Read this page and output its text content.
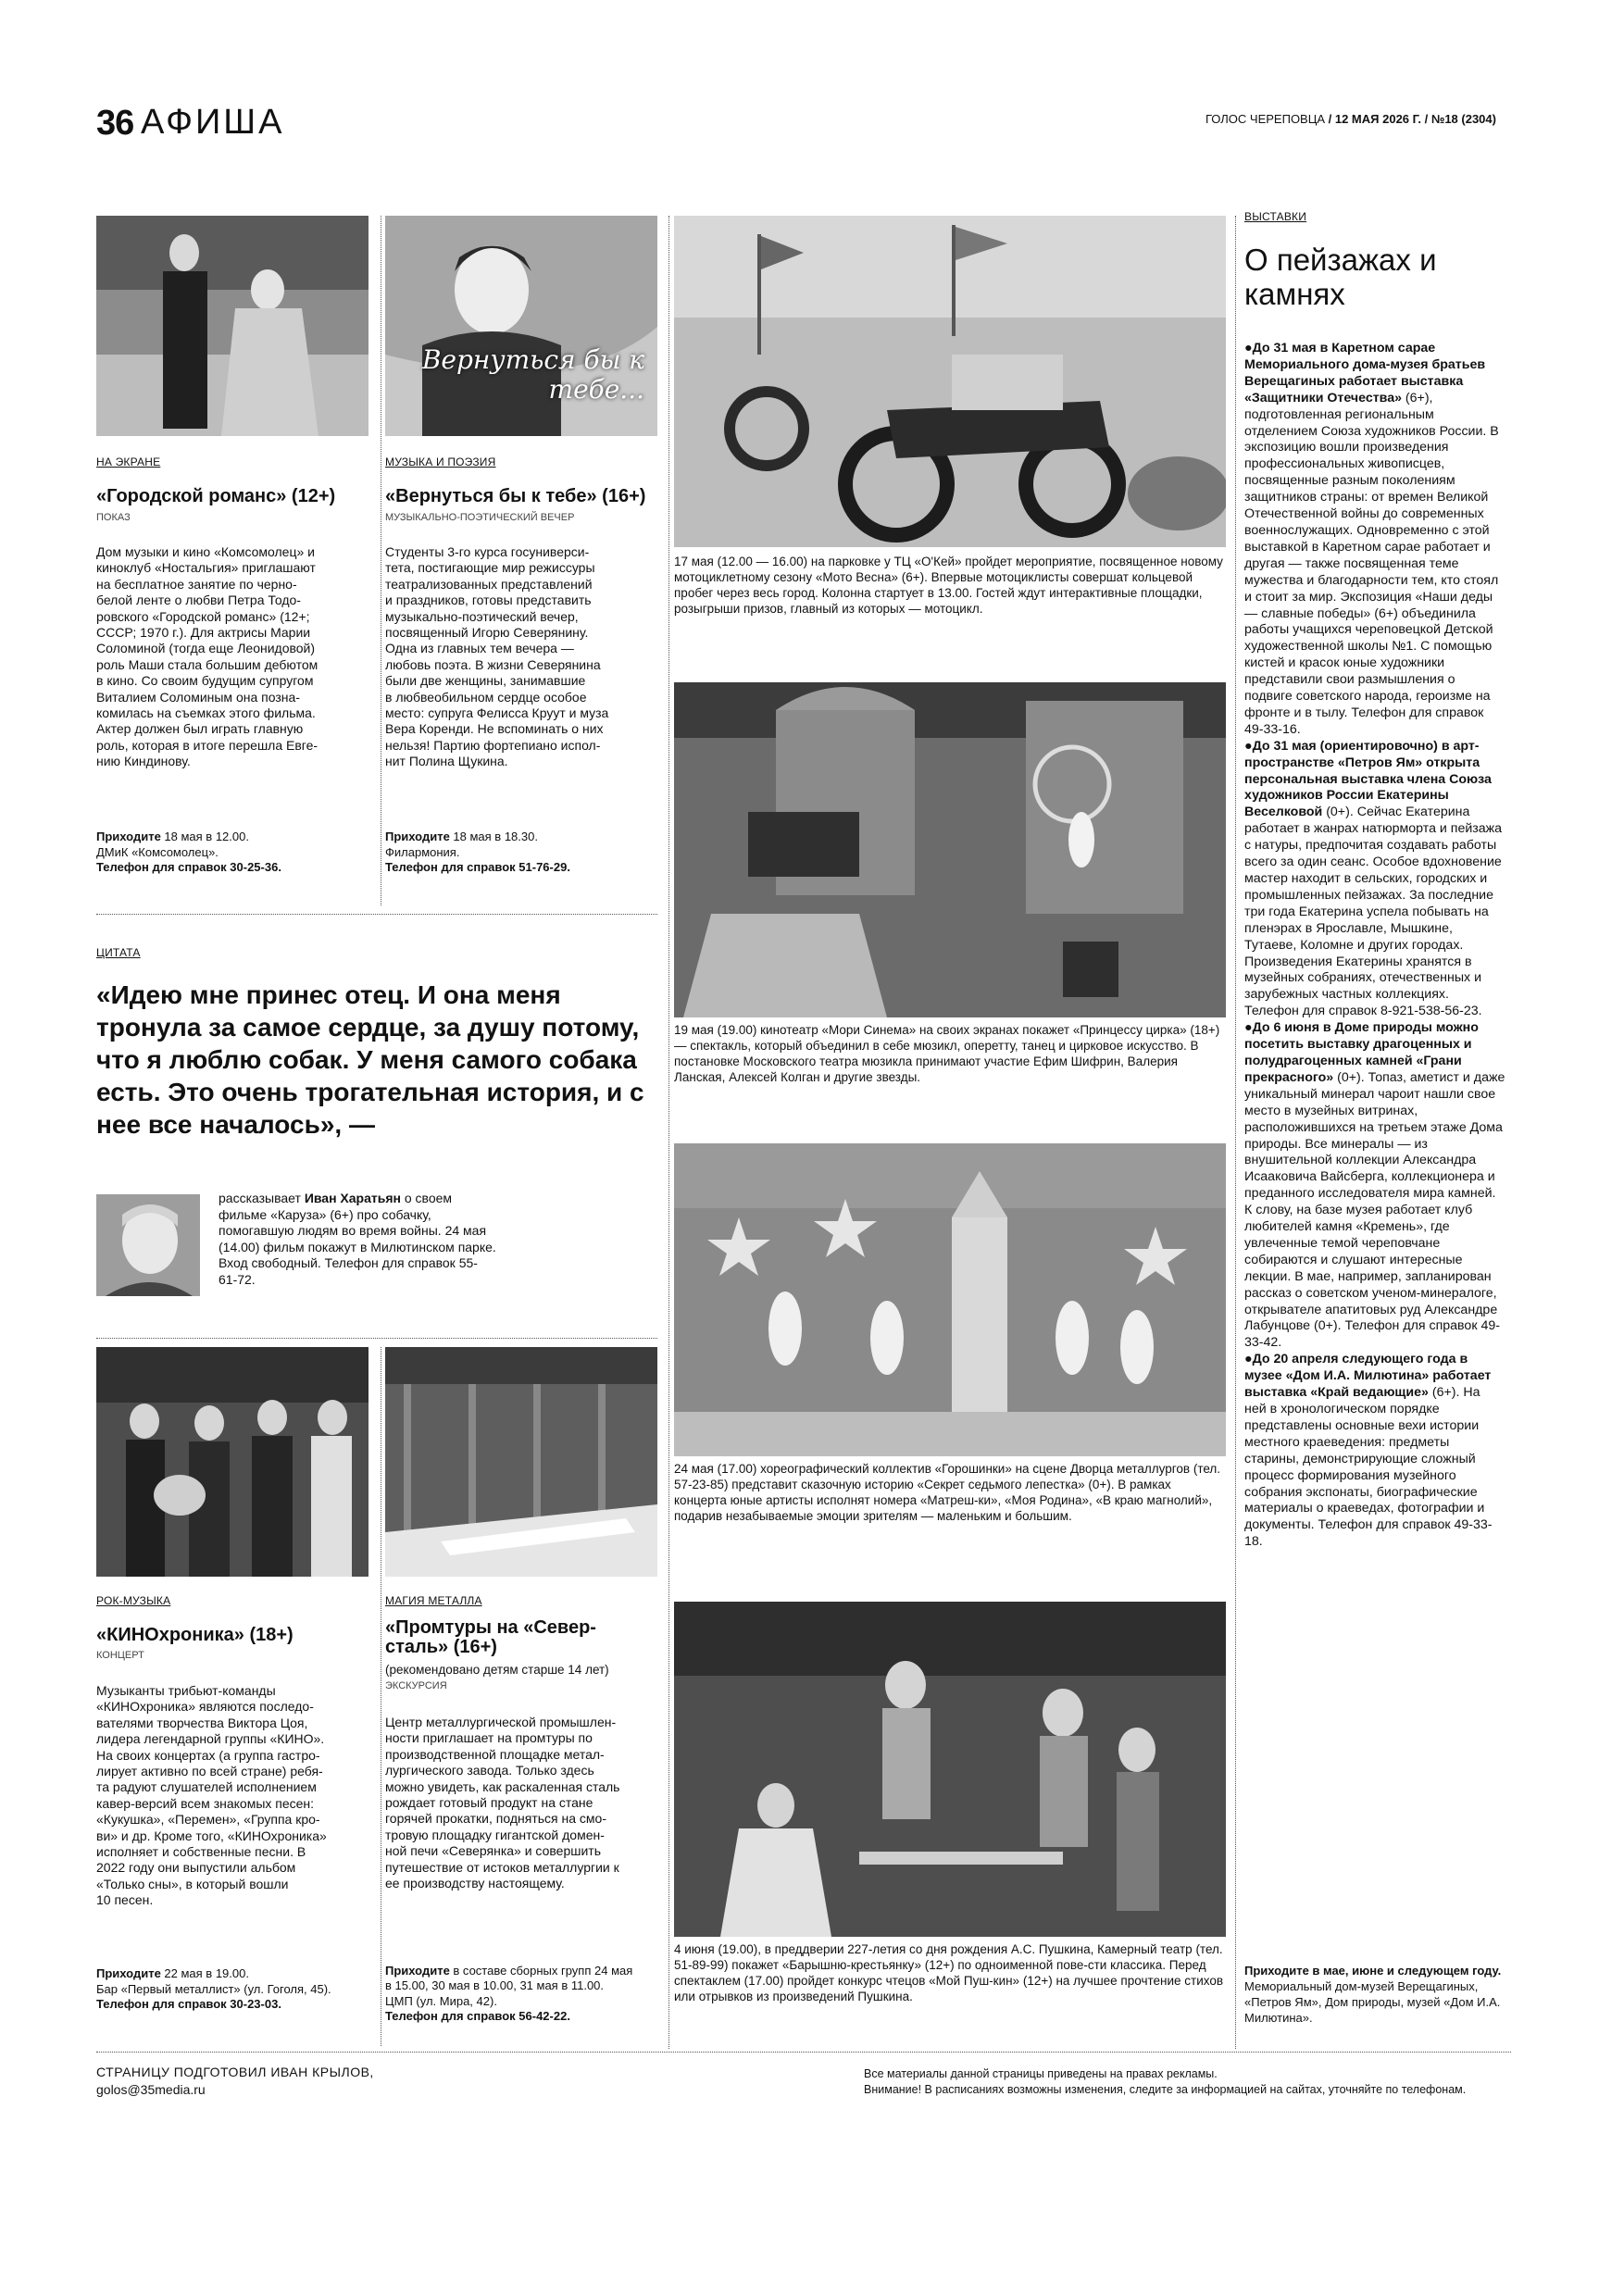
36 АФИША	ГОЛОС ЧЕРЕПОВЦА / 12 МАЯ 2026 Г. / №18 (2304)
НА ЭКРАНЕ
«Городской романс» (12+)
ПОКАЗ
Дом музыки и кино «Комсомолец» и
киноклуб «Ностальгия» приглашают
на бесплатное занятие по черно-
белой ленте о любви Петра Тодо-
ровского «Городской романс» (12+;
СССР; 1970 г.). Для актрисы Марии
Соломиной (тогда еще Леонидовой)
роль Маши стала большим дебютом
в кино. Со своим будущим супругом
Виталием Соломиным она позна-
комилась на съемках этого фильма.
Актер должен был играть главную
роль, которая в итоге перешла Евге-
нию Киндинову.
Приходите 18 мая в 12.00.
ДМиК «Комсомолец».
Телефон для справок 30-25-36.
Вернуться бы к тебе...
МУЗЫКА И ПОЭЗИЯ
«Вернуться бы к тебе» (16+)
МУЗЫКАЛЬНО-ПОЭТИЧЕСКИЙ ВЕЧЕР
Студенты 3-го курса госуниверси-
тета, постигающие мир режиссуры
театрализованных представлений
и праздников, готовы представить
музыкально-поэтический вечер,
посвященный Игорю Северянину.
Одна из главных тем вечера —
любовь поэта. В жизни Северянина
были две женщины, занимавшие
в любвеобильном сердце особое
место: супруга Фелисса Круут и муза
Вера Коренди. Не вспоминать о них
нельзя! Партию фортепиано испол-
нит Полина Щукина.
Приходите 18 мая в 18.30.
Филармония.
Телефон для справок 51-76-29.
ЦИТАТА
«Идею мне принес отец. И она меня тронула за самое сердце, за душу потому, что я люблю собак. У меня самого собака есть. Это очень трогательная история, и с нее все началось», —
рассказывает Иван Харатьян о своем фильме «Каруза» (6+) про собачку, помогавшую людям во время войны. 24 мая (14.00) фильм покажут в Милютинском парке. Вход свободный. Телефон для справок 55-61-72.
РОК-МУЗЫКА
«КИНОхроника» (18+)
КОНЦЕРТ
Музыканты трибьют-команды
«КИНОхроника» являются последо-
вателями творчества Виктора Цоя,
лидера легендарной группы «КИНО».
На своих концертах (а группа гастро-
лирует активно по всей стране) ребя-
та радуют слушателей исполнением
кавер-версий всем знакомых песен:
«Кукушка», «Перемен», «Группа кро-
ви» и др. Кроме того, «КИНОхроника»
исполняет и собственные песни. В
2022 году они выпустили альбом
«Только сны», в который вошли
10 песен.
Приходите 22 мая в 19.00.
Бар «Первый металлист» (ул. Гоголя, 45).
Телефон для справок 30-23-03.
МАГИЯ МЕТАЛЛА
«Промтуры на «Север-
сталь» (16+)
(рекомендовано детям старше 14 лет)
ЭКСКУРСИЯ
Центр металлургической промышлен-
ности приглашает на промтуры по
производственной площадке метал-
лургического завода. Только здесь
можно увидеть, как раскаленная сталь
рождает готовый продукт на стане
горячей прокатки, подняться на смо-
тровую площадку гигантской домен-
ной печи «Северянка» и совершить
путешествие от истоков металлургии к
ее производству настоящему.

Приходите в составе сборных групп 24 мая
в 15.00, 30 мая в 10.00, 31 мая в 11.00.
ЦМП (ул. Мира, 42).
Телефон для справок 56-42-22.

17 мая (12.00 — 16.00) на парковке у ТЦ «О'Кей» пройдет мероприятие, посвященное новому мотоциклетному сезону «Мото Весна» (6+). Впервые мотоциклисты совершат кольцевой пробег через весь город. Колонна стартует в 13.00. Гостей ждут интерактивные площадки, розыгрыши призов, главный из которых — мотоцикл.
19 мая (19.00) кинотеатр «Мори Синема» на своих экранах покажет «Принцессу цирка» (18+) — спектакль, который объединил в себе мюзикл, оперетту, танец и цирковое искусство. В постановке Московского театра мюзикла принимают участие Ефим Шифрин, Валерия Ланская, Алексей Колган и другие звезды.
24 мая (17.00) хореографический коллектив «Горошинки» на сцене Дворца металлургов (тел. 57-23-85) представит сказочную историю «Секрет седьмого лепестка» (0+). В рамках концерта юные артисты исполнят номера «Матреш-ки», «Моя Родина», «В краю магнолий», подарив незабываемые эмоции зрителям — маленьким и большим.
4 июня (19.00), в преддверии 227-летия со дня рождения А.С. Пушкина, Камерный театр (тел. 51-89-99) покажет «Барышню-крестьянку» (12+) по одноименной пове-сти классика. Перед спектаклем (17.00) пройдет конкурс чтецов «Мой Пуш-кин» (12+) на лучшее прочтение стихов или отрывков из произведений Пушкина.
ВЫСТАВКИ
О пейзажах и камнях

●До 31 мая в Каретном сарае Мемориального дома-музея братьев Верещагиных работает выставка «Защитники Отечества» (6+), подготовленная региональным отделением Союза художников России. В экспозицию вошли произведения профессиональных живописцев, посвященные разным поколениям защитников страны: от времен Великой Отечественной войны до современных военнослужащих. Одновременно с этой выставкой в Каретном сарае работает и другая — также посвященная теме мужества и благодарности тем, кто стоял и стоит за мир. Экспозиция «Наши деды — славные победы» (6+) объединила работы учащихся череповецкой Детской художественной школы №1. С помощью кистей и красок юные художники представили свои размышления о подвиге советского народа, героизме на фронте и в тылу. Телефон для справок 49-33-16.

●До 31 мая (ориентировочно) в арт-пространстве «Петров Ям» открыта персональная выставка члена Союза художников России Екатерины Веселковой (0+). Сейчас Екатерина работает в жанрах натюрморта и пейзажа с натуры, предпочитая создавать работы всего за один сеанс. Особое вдохновение мастер находит в сельских, городских и промышленных пейзажах. За последние три года Екатерина успела побывать на пленэрах в Ярославле, Мышкине, Тутаеве, Коломне и других городах. Произведения Екатерины хранятся в музейных собраниях, отечественных и зарубежных частных коллекциях. Телефон для справок 8-921-538-56-23.

●До 6 июня в Доме природы можно посетить выставку драгоценных и полудрагоценных камней «Грани прекрасного» (0+). Топаз, аметист и даже уникальный минерал чароит нашли свое место в музейных витринах, расположившихся на третьем этаже Дома природы. Все минералы — из внушительной коллекции Александра Исааковича Вайсберга, коллекционера и преданного исследователя мира камней. К слову, на базе музея работает клуб любителей камня «Кремень», где увлеченные темой череповчане собираются и слушают интересные лекции. В мае, например, запланирован рассказ о советском ученом-минералоге, открывателе апатитовых руд Александре Лабунцове (0+). Телефон для справок 49-33-42.

●До 20 апреля следующего года в музее «Дом И.А. Милютина» работает выставка «Край ведающие» (6+). На ней в хронологическом порядке представлены основные вехи истории местного краеведения: предметы старины, демонстрирующие сложный процесс формирования музейного собрания экспонаты, биографические материалы о краеведах, фотографии и документы. Телефон для справок 49-33-18.

Приходите в мае, июне и следующем году.
Мемориальный дом-музей Верещагиных, «Петров Ям», Дом природы, музей «Дом И.А. Милютина».
СТРАНИЦУ ПОДГОТОВИЛ ИВАН КРЫЛОВ,
golos@35media.ru
Все материалы данной страницы приведены на правах рекламы.
Внимание! В расписаниях возможны изменения, следите за информацией на сайтах, уточняйте по телефонам.
